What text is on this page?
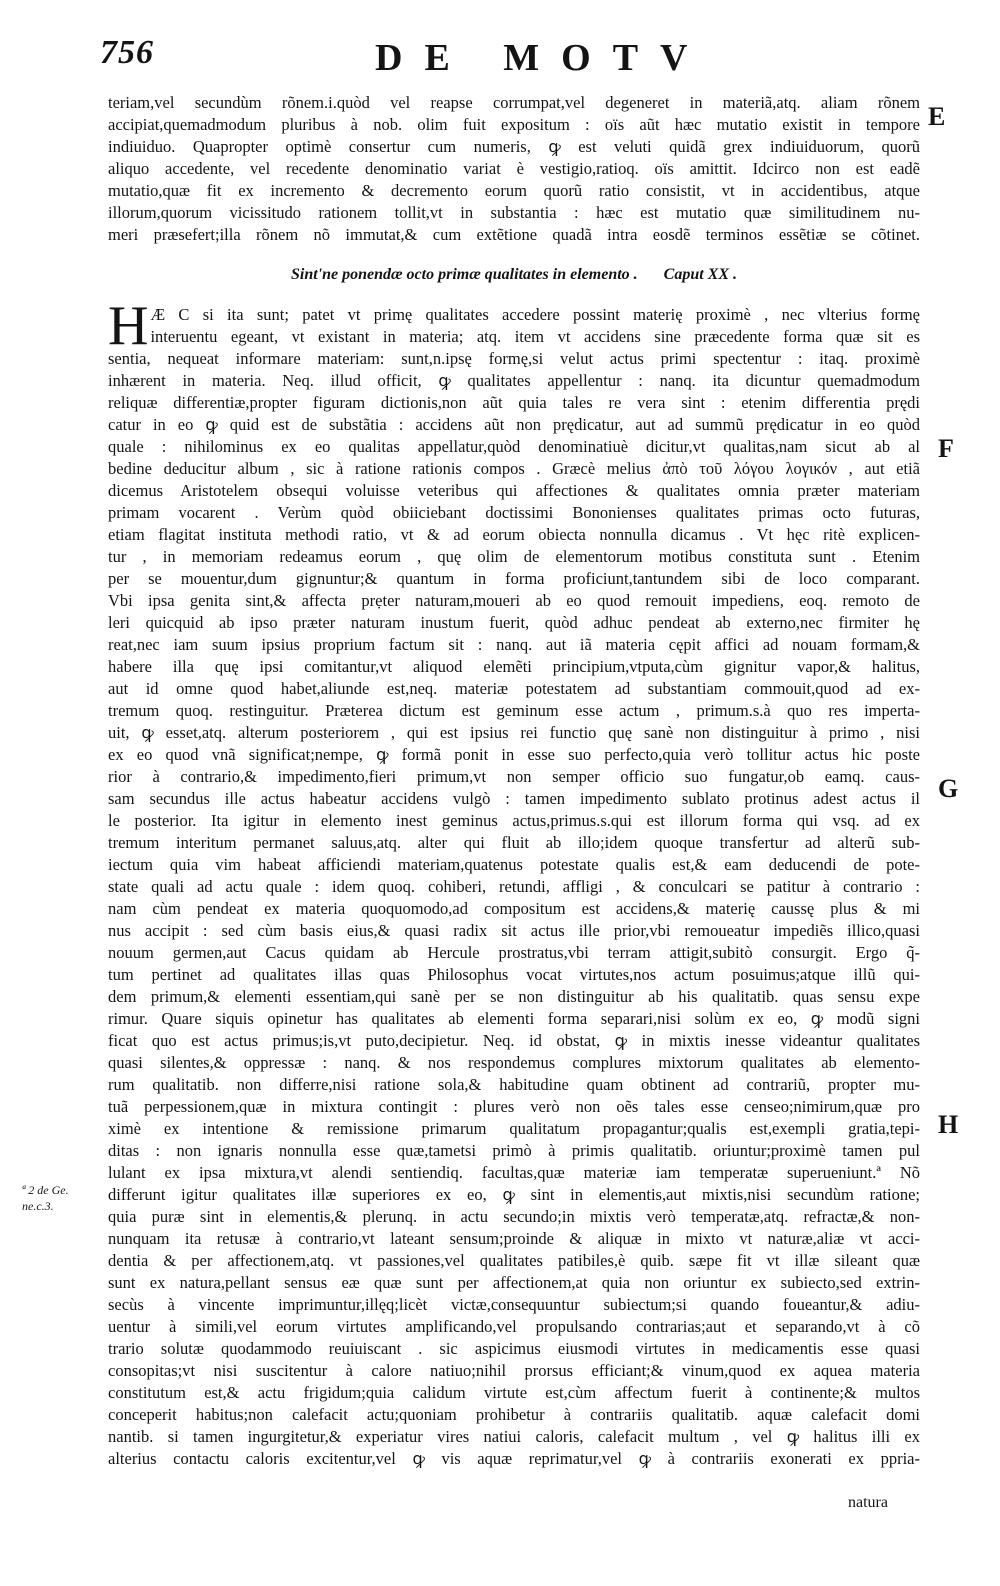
756	DE MOTV
teriam,vel secundùm rõnem.i.quòd vel reapse corrumpat,vel degeneret in materiã,atq. aliam rõnem
accipiat,quemadmodum pluribus à nob. olim fuit expositum : oïs aũt hæc mutatio existit in tempore
indiuiduo. Quapropter optimè consertur cum numeris, ꝙ est veluti quidã grex indiuiduorum, quorũ
aliquo accedente, vel recedente denominatio variat è vestigio,ratioq. oïs amittit. Idcirco non est eadẽ
mutatio,quæ fit ex incremento & decremento eorum quorũ ratio consistit, vt in accidentibus, atque
illorum,quorum vicissitudo rationem tollit,vt in substantia : hæc est mutatio quæ similitudinem nu-
meri præsefert;illa rõnem nõ immutat,& cum extẽtione quadã intra eosdẽ terminos essẽtiæ se cõtinet.
Sint'ne ponendæ octo primæ qualitates in elemento . Caput XX .
H Æ C si ita sunt; patet vt primę qualitates accedere possint materię proximè , nec vlterius formę
interuentu egeant, vt existant in materia; atq. item vt accidens sine prӕcedente forma quæ sit es
sentia, nequeat informare materiam: sunt,n.ipsę formę,si velut actus primi spectentur : itaq. proximè
inhærent in materia. Neq. illud officit, ꝙ qualitates appellentur : nanq. ita dicuntur quemadmodum
reliquæ differentiæ,propter figuram dictionis,non aũt quia tales re vera sint : etenim differentia prędi
catur in eo ꝙ quid est de substãtia : accidens aũt non prędicatur, aut ad summũ prędicatur in eo quòd
quale : nihilominus ex eo qualitas appellatur,quòd denominatiuè dicitur,vt qualitas,nam sicut ab al
bedine deducitur album , sic à ratione rationis compos . Græcè melius ἀπὸ τοῦ λόγου λογικόν , aut etiã
dicemus Aristotelem obsequi voluisse veteribus qui affectiones & qualitates omnia præter materiam
primam vocarent . Verùm quòd obiiciebant doctissimi Bononienses qualitates primas octo futuras,
etiam flagitat instituta methodi ratio, vt & ad eorum obiecta nonnulla dicamus . Vt hęc ritè explicen-
tur , in memoriam redeamus eorum , quę olim de elementorum motibus constituta sunt . Etenim
per se mouentur,dum gignuntur;& quantum in forma proficiunt,tantundem sibi de loco comparant.
Vbi ipsa genita sint,& affecta prẹter naturam,moueri ab eo quod remouit impediens, eoq. remoto de
leri quicquid ab ipso præter naturam inustum fuerit, quòd adhuc pendeat ab externo,nec firmiter hę
reat,nec iam suum ipsius proprium factum sit : nanq. aut iã materia cępit affici ad nouam formam,&
habere illa quę ipsi comitantur,vt aliquod elemẽti principium,vtputa,cùm gignitur vapor,& halitus,
aut id omne quod habet,aliunde est,neq. materiæ potestatem ad substantiam commouit,quod ad ex-
tremum quoq. restinguitur. Præterea dictum est geminum esse actum , primum.s.à quo res imperta-
uit, ꝙ esset,atq. alterum posteriorem , qui est ipsius rei functio quę sanè non distinguitur à primo , nisi
ex eo quod vnã significat;nempe, ꝙ formã ponit in esse suo perfecto,quia verò tollitur actus hic poste
rior à contrario,& impedimento,fieri primum,vt non semper officio suo fungatur,ob eamq. caus-
sam secundus ille actus habeatur accidens vulgò : tamen impedimento sublato protinus adest actus il
le posterior. Ita igitur in elemento inest geminus actus,primus.s.qui est illorum forma qui vsq. ad ex
tremum interitum permanet saluus,atq. alter qui fluit ab illo;idem quoque transfertur ad alterũ sub-
iectum quia vim habeat afficiendi materiam,quatenus potestate qualis est,& eam deducendi de pote-
state quali ad actu quale : idem quoq. cohiberi, retundi, affligi , & conculcari se patitur à contrario :
nam cùm pendeat ex materia quoquomodo,ad compositum est accidens,& materię caussę plus & mi
nus accipit : sed cùm basis eius,& quasi radix sit actus ille prior,vbi remoueatur impediẽs illico,quasi
nouum germen,aut Cacus quidam ab Hercule prostratus,vbi terram attigit,subitò consurgit. Ergo q̃-
tum pertinet ad qualitates illas quas Philosophus vocat virtutes,nos actum posuimus;atque illũ qui-
dem primum,& elementi essentiam,qui sanè per se non distinguitur ab his qualitatib. quas sensu expe
rimur. Quare siquis opinetur has qualitates ab elementi forma separari,nisi solùm ex eo, ꝙ modũ signi
ficat quo est actus primus;is,vt puto,decipietur. Neq. id obstat, ꝙ in mixtis inesse videantur qualitates
quasi silentes,& oppressæ : nanq. & nos respondemus complures mixtorum qualitates ab elemento-
rum qualitatib. non differre,nisi ratione sola,& habitudine quam obtinent ad contrariũ, propter mu-
tuã perpessionem,quæ in mixtura contingit : plures verò non oẽs tales esse censeo;nimirum,quæ pro
ximè ex intentione & remissione primarum qualitatum propagantur;qualis est,exempli gratia,tepi-
ditas : non ignaris nonnulla esse quæ,tametsi primò à primis qualitatib. oriuntur;proximè tamen pul
lulant ex ipsa mixtura,vt alendi sentiendiq. facultas,quæ materiæ iam temperatæ superueniunt.ª Nõ
differunt igitur qualitates illæ superiores ex eo, ꝙ sint in elementis,aut mixtis,nisi secundùm ratione;
quia puræ sint in elementis,& plerunq. in actu secundo;in mixtis verò temperatæ,atq. refractæ,& non-
nunquam ita retusæ à contrario,vt lateant sensum;proinde & aliquæ in mixto vt naturæ,aliæ vt acci-
dentia & per affectionem,atq. vt passiones,vel qualitates patibiles,è quib. sæpe fit vt illæ sileant quæ
sunt ex natura,pellant sensus eæ quæ sunt per affectionem,at quia non oriuntur ex subiecto,sed extrin-
secùs à vincente imprimuntur,illęq;licèt victæ,consequuntur subiectum;si quando foueantur,& adiu-
uentur à simili,vel eorum virtutes amplificando,vel propulsando contrarias;aut et separando,vt à cõ
trario solutæ quodammodo reuiuiscant . sic aspicimus eiusmodi virtutes in medicamentis esse quasi
consopitas;vt nisi suscitentur à calore natiuo;nihil prorsus efficiant;& vinum,quod ex aquea materia
constitutum est,& actu frigidum;quia calidum virtute est,cùm affectum fuerit à continente;& multos
conceperit habitus;non calefacit actu;quoniam prohibetur à contrariis qualitatib. aquæ calefacit domi
nantib. si tamen ingurgitetur,& experiatur vires natiui caloris, calefacit multum , vel ꝙ halitus illi ex
alterius contactu caloris excitentur,vel ꝙ vis aquæ reprimatur,vel ꝙ à contrariis exonerati ex ppria-
E
F
G
H
ª 2 de Ge.
ne.c.3.
natura
